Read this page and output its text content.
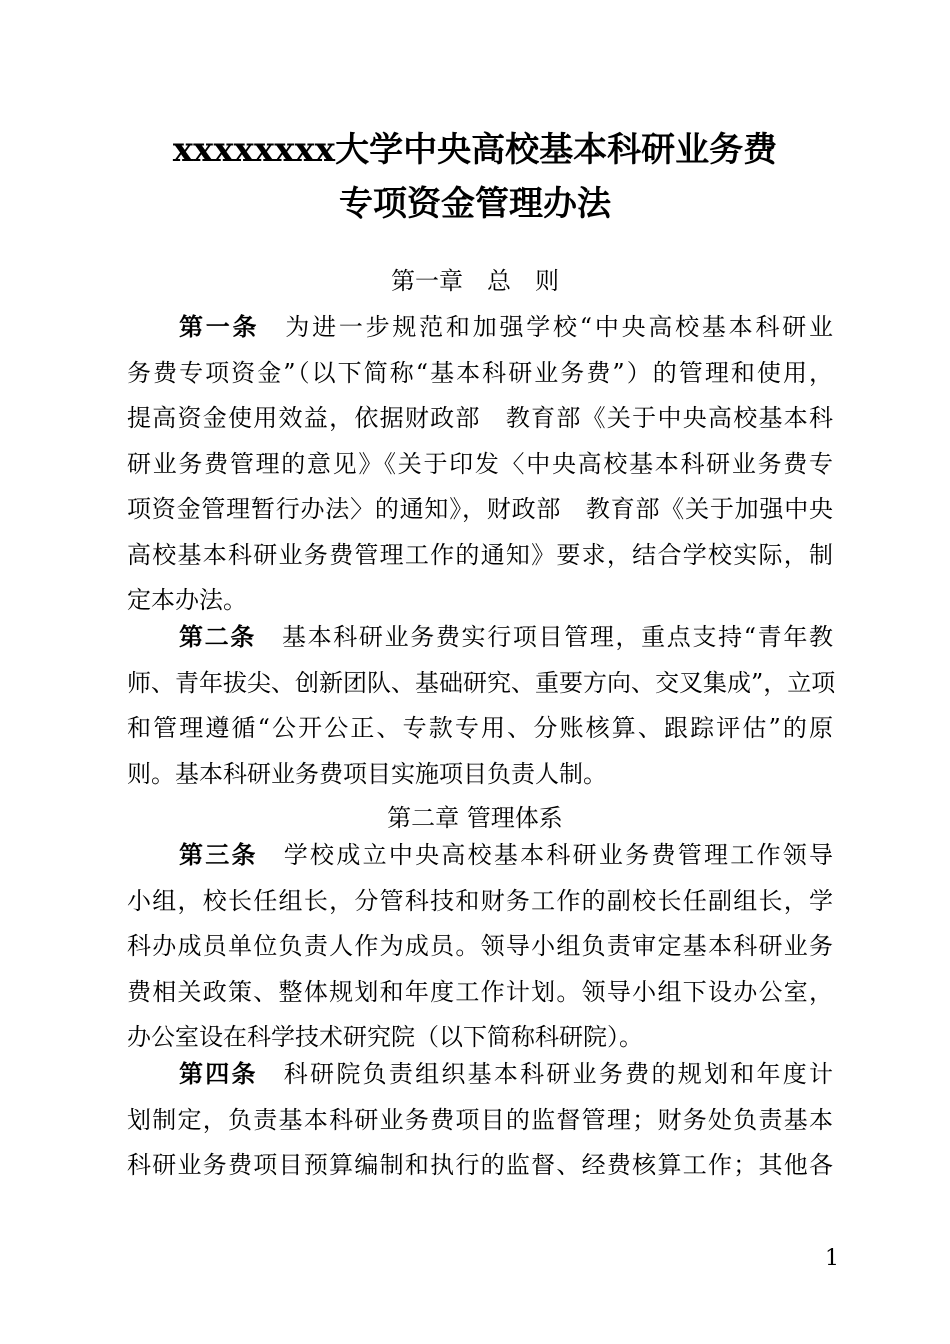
xxxxxxxx大学中央高校基本科研业务费
专项资金管理办法
第一章 总 则
第一条 为进一步规范和加强学校“中央高校基本科研业
务费专项资金”（以下简称“基本科研业务费”）的管理和使用，
提高资金使用效益，依据财政部　教育部《关于中央高校基本科
研业务费管理的意见》《关于印发〈中央高校基本科研业务费专
项资金管理暂行办法〉的通知》，财政部　教育部《关于加强中央
高校基本科研业务费管理工作的通知》要求，结合学校实际，制
定本办法。
第二条 基本科研业务费实行项目管理，重点支持“青年教
师、青年拔尖、创新团队、基础研究、重要方向、交叉集成”，立项
和管理遵循“公开公正、专款专用、分账核算、跟踪评估”的原
则。基本科研业务费项目实施项目负责人制。
第二章 管理体系
第三条 学校成立中央高校基本科研业务费管理工作领导
小组，校长任组长，分管科技和财务工作的副校长任副组长，学
科办成员单位负责人作为成员。领导小组负责审定基本科研业务
费相关政策、整体规划和年度工作计划。领导小组下设办公室，
办公室设在科学技术研究院（以下简称科研院）。
第四条 科研院负责组织基本科研业务费的规划和年度计
划制定，负责基本科研业务费项目的监督管理；财务处负责基本
科研业务费项目预算编制和执行的监督、经费核算工作；其他各
1
